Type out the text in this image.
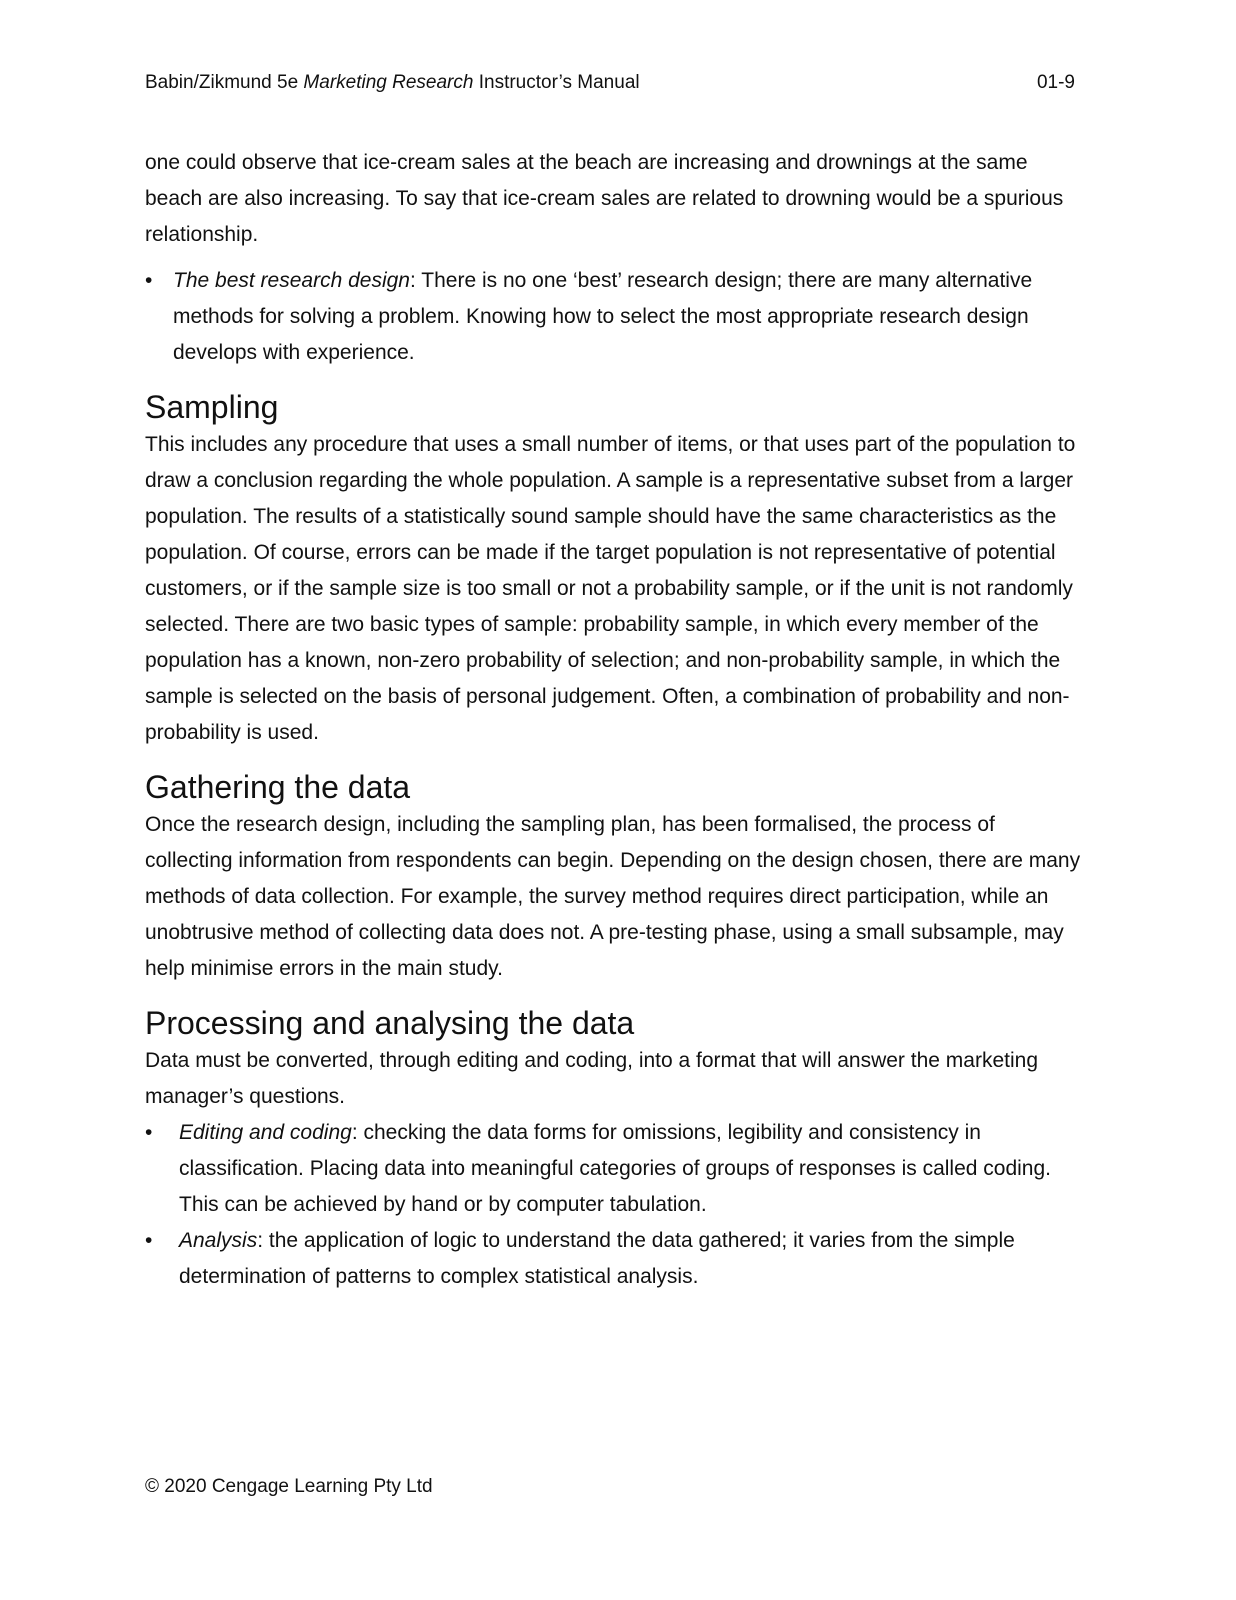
Babin/Zikmund 5e Marketing Research Instructor’s Manual	01-9

one could observe that ice-cream sales at the beach are increasing and drownings at the same beach are also increasing. To say that ice-cream sales are related to drowning would be a spurious relationship.

• The best research design: There is no one ‘best’ research design; there are many alternative methods for solving a problem. Knowing how to select the most appropriate research design develops with experience.
Sampling

This includes any procedure that uses a small number of items, or that uses part of the population to draw a conclusion regarding the whole population. A sample is a representative subset from a larger population. The results of a statistically sound sample should have the same characteristics as the population. Of course, errors can be made if the target population is not representative of potential customers, or if the sample size is too small or not a probability sample, or if the unit is not randomly selected. There are two basic types of sample: probability sample, in which every member of the population has a known, non-zero probability of selection; and non-probability sample, in which the sample is selected on the basis of personal judgement. Often, a combination of probability and non-probability is used.

Gathering the data

Once the research design, including the sampling plan, has been formalised, the process of collecting information from respondents can begin. Depending on the design chosen, there are many methods of data collection. For example, the survey method requires direct participation, while an unobtrusive method of collecting data does not. A pre-testing phase, using a small subsample, may help minimise errors in the main study.

Processing and analysing the data

Data must be converted, through editing and coding, into a format that will answer the marketing manager’s questions.

• Editing and coding: checking the data forms for omissions, legibility and consistency in classification. Placing data into meaningful categories of groups of responses is called coding. This can be achieved by hand or by computer tabulation.
• Analysis: the application of logic to understand the data gathered; it varies from the simple determination of patterns to complex statistical analysis.
© 2020 Cengage Learning Pty Ltd
